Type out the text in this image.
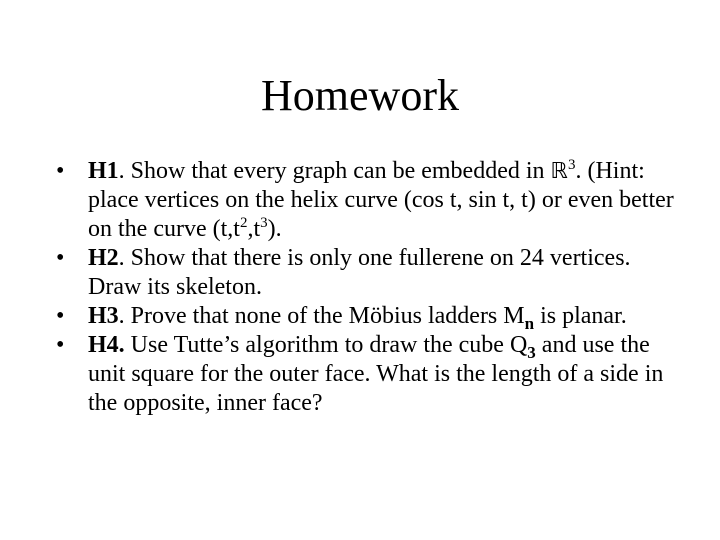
Homework
• H1. Show that every graph can be embedded in ℝ$^3$. (Hint: place vertices on the helix curve (cos t, sin t, t) or even better on the curve $(t,t^2,t^3)$.
• H2. Show that there is only one fullerene on 24 vertices. Draw its skeleton.
• H3. Prove that none of the Möbius ladders $M_n$ is planar.
• H4. Use Tutte’s algorithm to draw the cube $Q_3$ and use the unit square for the outer face. What is the length of a side in the opposite, inner face?
